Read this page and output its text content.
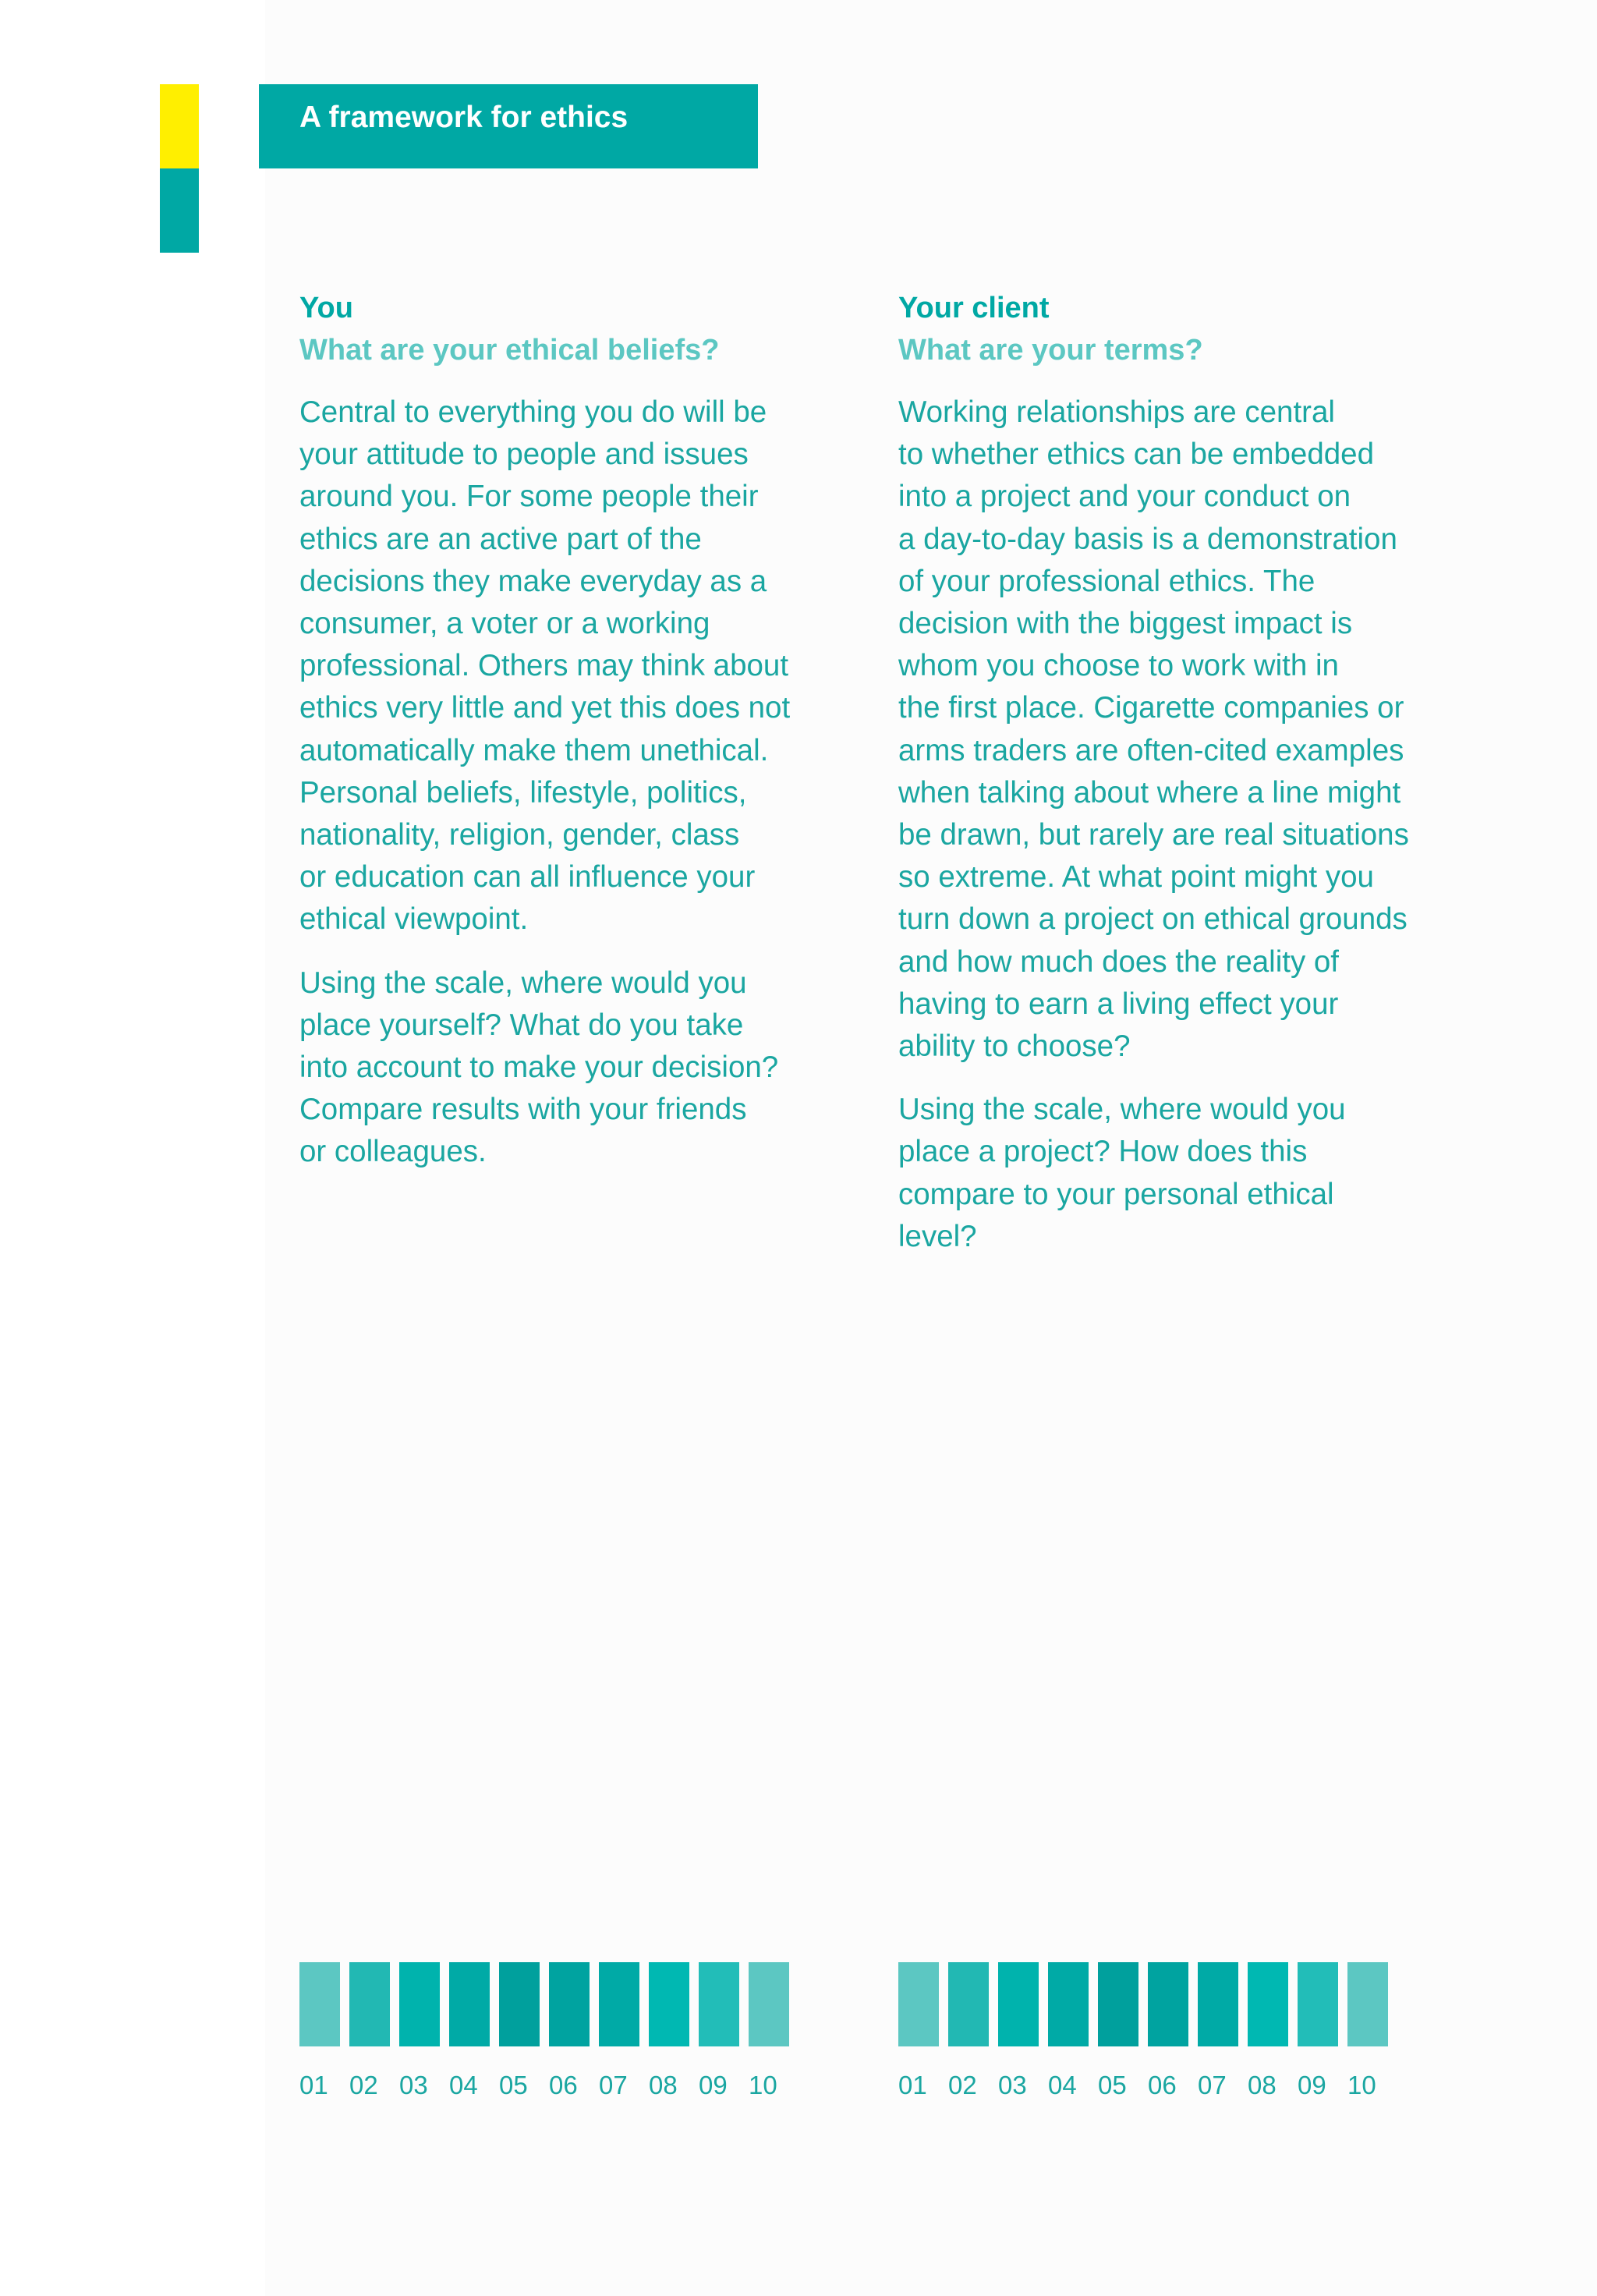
A framework for ethics
You
What are your ethical beliefs?
Central to everything you do will be
your attitude to people and issues
around you. For some people their
ethics are an active part of the
decisions they make everyday as a
consumer, a voter or a working
professional. Others may think about
ethics very little and yet this does not
automatically make them unethical.
Personal beliefs, lifestyle, politics,
nationality, religion, gender, class
or education can all influence your
ethical viewpoint.
Using the scale, where would you
place yourself? What do you take
into account to make your decision?
Compare results with your friends
or colleagues.
Your client
What are your terms?
Working relationships are central
to whether ethics can be embedded
into a project and your conduct on
a day-to-day basis is a demonstration
of your professional ethics. The
decision with the biggest impact is
whom you choose to work with in
the first place. Cigarette companies or
arms traders are often-cited examples
when talking about where a line might
be drawn, but rarely are real situations
so extreme. At what point might you
turn down a project on ethical grounds
and how much does the reality of
having to earn a living effect your
ability to choose?
Using the scale, where would you
place a project? How does this
compare to your personal ethical
level?
01 02 03 04 05 06 07 08 09 10	01 02 03 04 05 06 07 08 09 10
